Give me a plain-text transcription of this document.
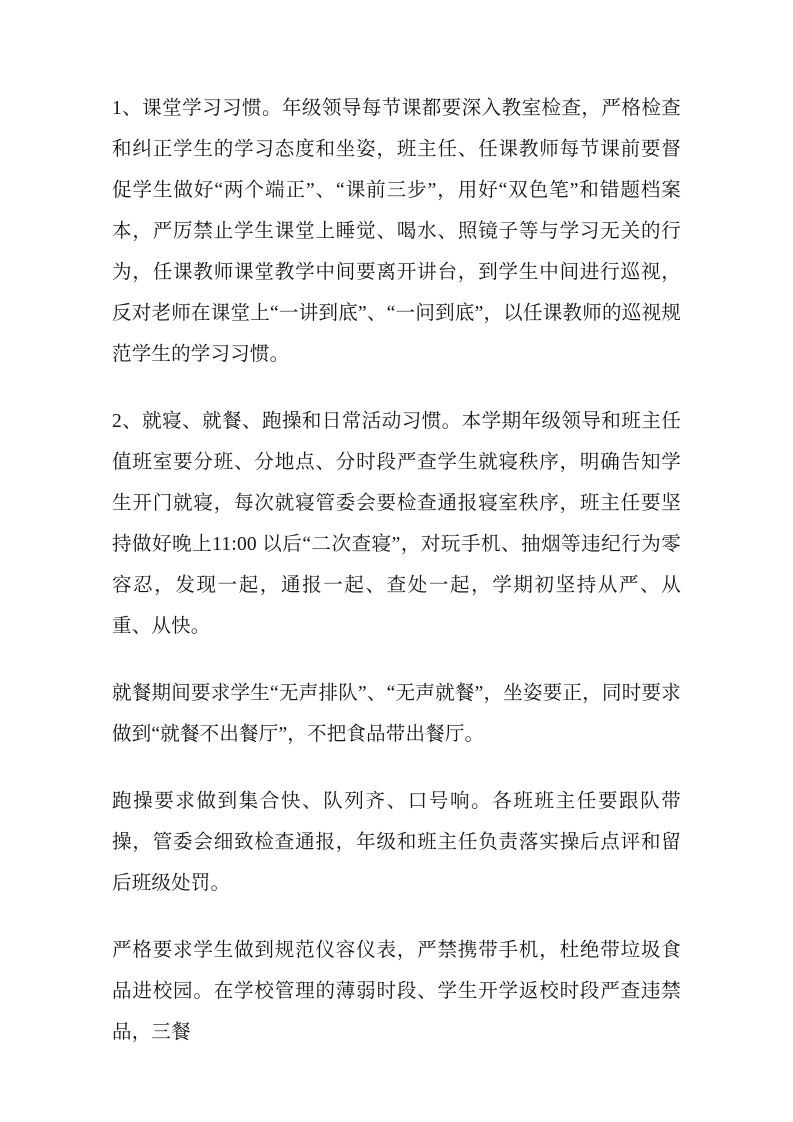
1、课堂学习习惯。年级领导每节课都要深入教室检查，严格检查和纠正学生的学习态度和坐姿，班主任、任课教师每节课前要督促学生做好“两个端正”、“课前三步”，用好“双色笔”和错题档案本，严厉禁止学生课堂上睡觉、喝水、照镜子等与学习无关的行为，任课教师课堂教学中间要离开讲台，到学生中间进行巡视，反对老师在课堂上“一讲到底”、“一问到底”，以任课教师的巡视规范学生的学习习惯。

2、就寝、就餐、跑操和日常活动习惯。本学期年级领导和班主任值班室要分班、分地点、分时段严查学生就寝秩序，明确告知学生开门就寝，每次就寝管委会要检查通报寝室秩序，班主任要坚持做好晚上11:00 以后“二次查寝”，对玩手机、抽烟等违纪行为零容忍，发现一起，通报一起、查处一起，学期初坚持从严、从重、从快。

就餐期间要求学生“无声排队”、“无声就餐”，坐姿要正，同时要求做到“就餐不出餐厅”，不把食品带出餐厅。

跑操要求做到集合快、队列齐、口号响。各班班主任要跟队带操，管委会细致检查通报，年级和班主任负责落实操后点评和留后班级处罚。

严格要求学生做到规范仪容仪表，严禁携带手机，杜绝带垃圾食品进校园。在学校管理的薄弱时段、学生开学返校时段严查违禁品，三餐
